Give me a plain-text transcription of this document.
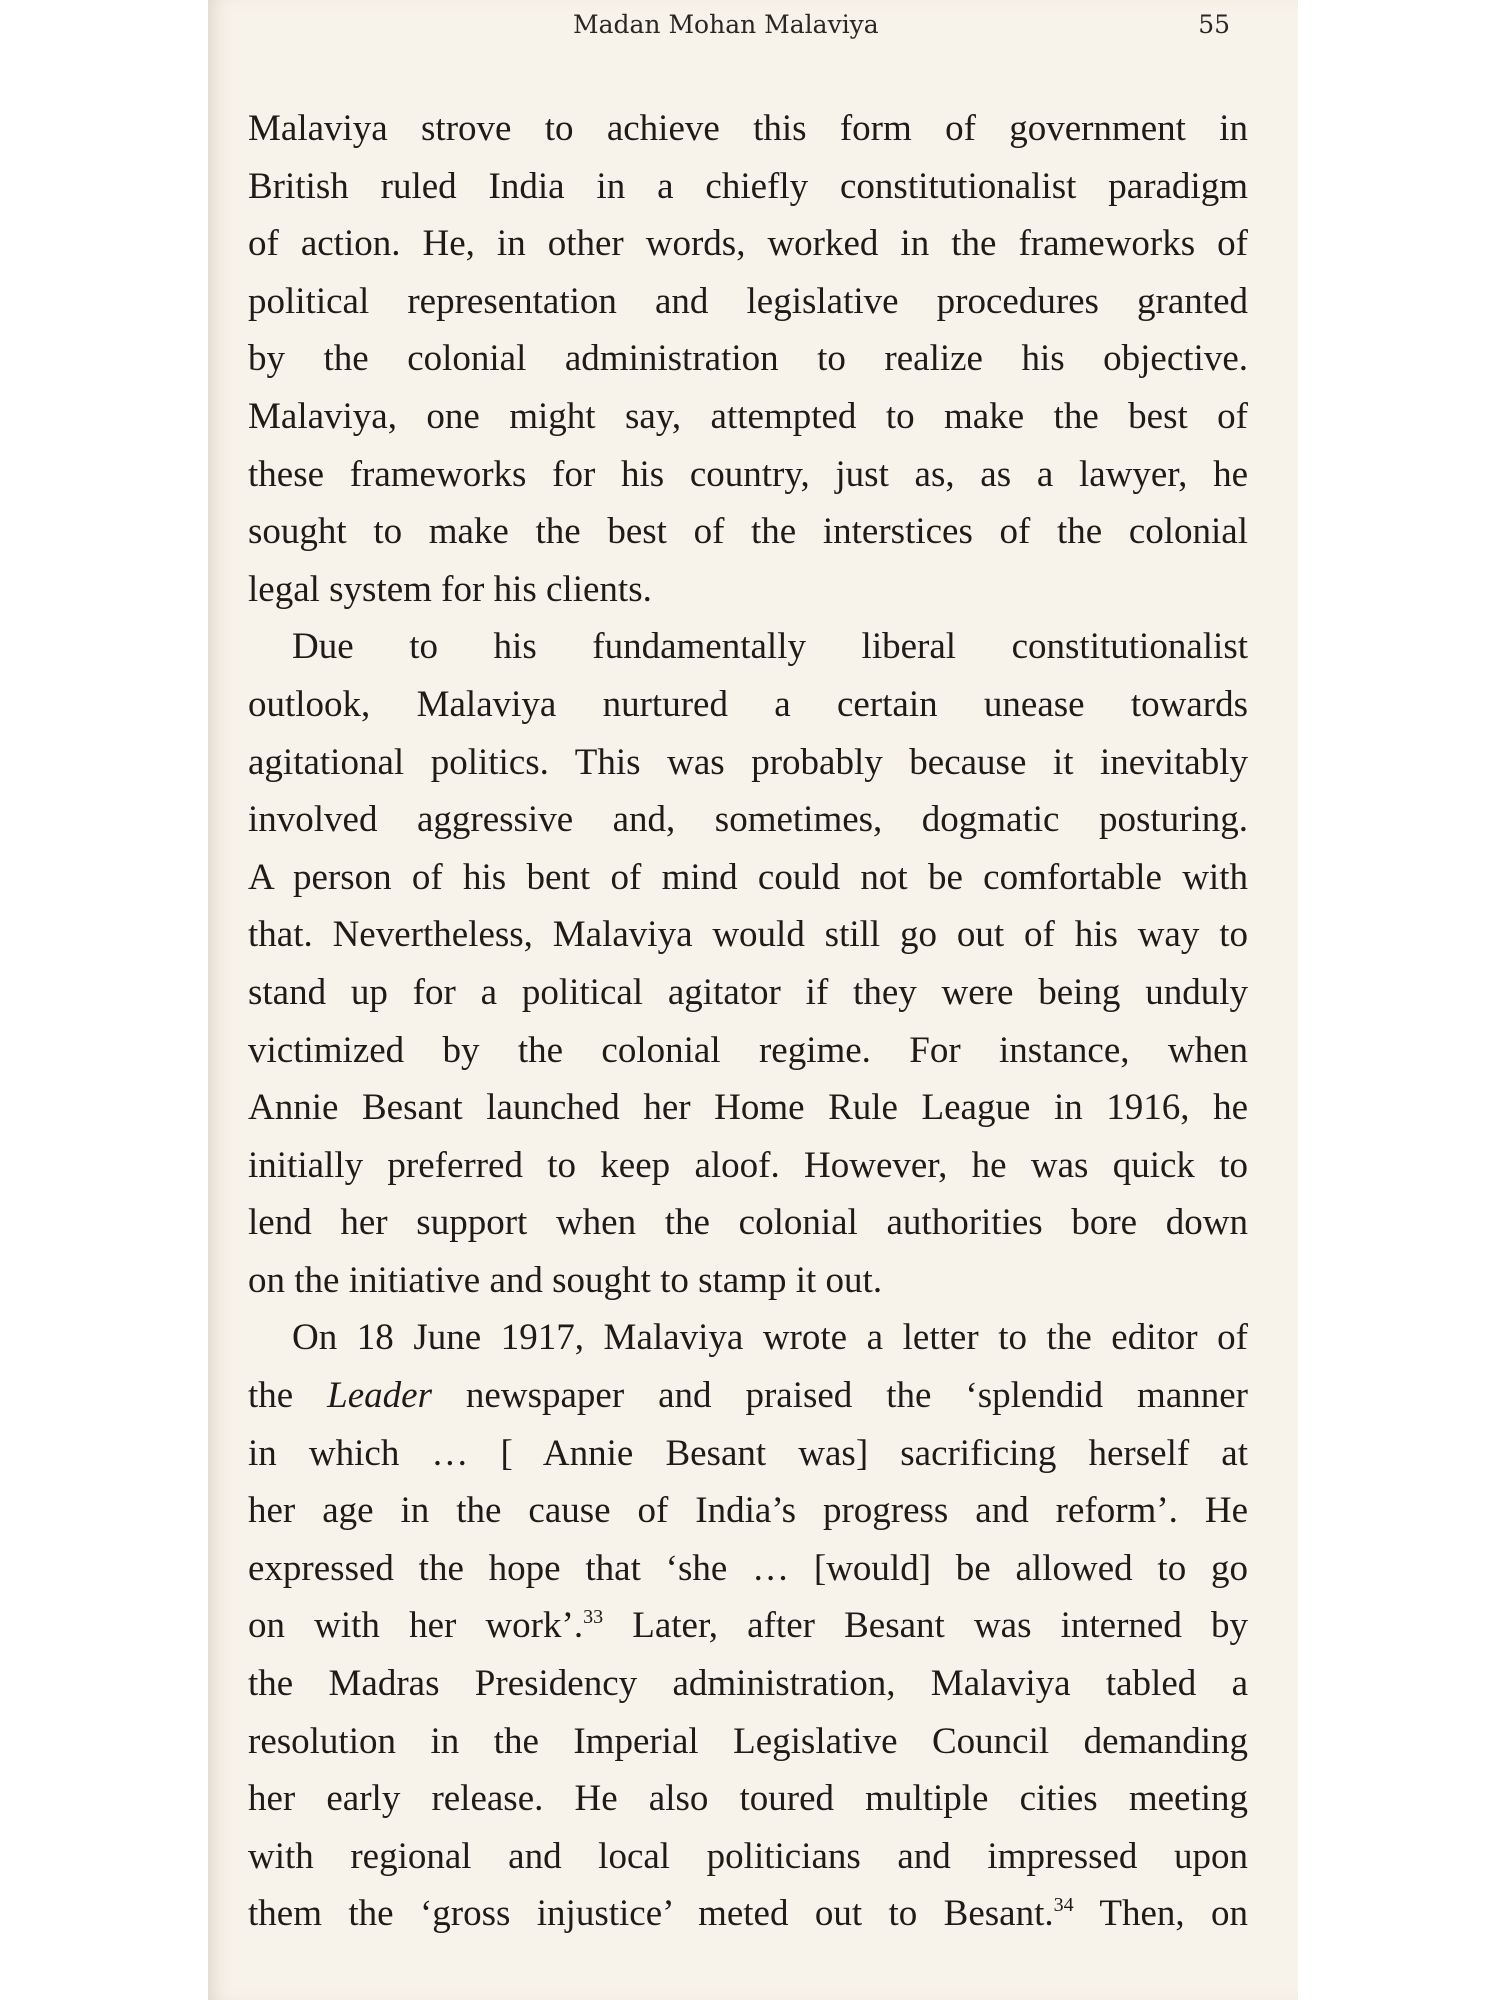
Madan Mohan Malaviya	55
Malaviya strove to achieve this form of government in
British ruled India in a chiefly constitutionalist paradigm
of action. He, in other words, worked in the frameworks of
political representation and legislative procedures granted
by the colonial administration to realize his objective.
Malaviya, one might say, attempted to make the best of
these frameworks for his country, just as, as a lawyer, he
sought to make the best of the interstices of the colonial
legal system for his clients.
Due to his fundamentally liberal constitutionalist
outlook, Malaviya nurtured a certain unease towards
agitational politics. This was probably because it inevitably
involved aggressive and, sometimes, dogmatic posturing.
A person of his bent of mind could not be comfortable with
that. Nevertheless, Malaviya would still go out of his way to
stand up for a political agitator if they were being unduly
victimized by the colonial regime. For instance, when
Annie Besant launched her Home Rule League in 1916, he
initially preferred to keep aloof. However, he was quick to
lend her support when the colonial authorities bore down
on the initiative and sought to stamp it out.
On 18 June 1917, Malaviya wrote a letter to the editor of
the Leader newspaper and praised the ‘splendid manner
in which … [ Annie Besant was] sacrificing herself at
her age in the cause of India’s progress and reform’. He
expressed the hope that ‘she … [would] be allowed to go
on with her work’.$^{33}$ Later, after Besant was interned by
the Madras Presidency administration, Malaviya tabled a
resolution in the Imperial Legislative Council demanding
her early release. He also toured multiple cities meeting
with regional and local politicians and impressed upon
them the ‘gross injustice’ meted out to Besant.$^{34}$ Then, on
